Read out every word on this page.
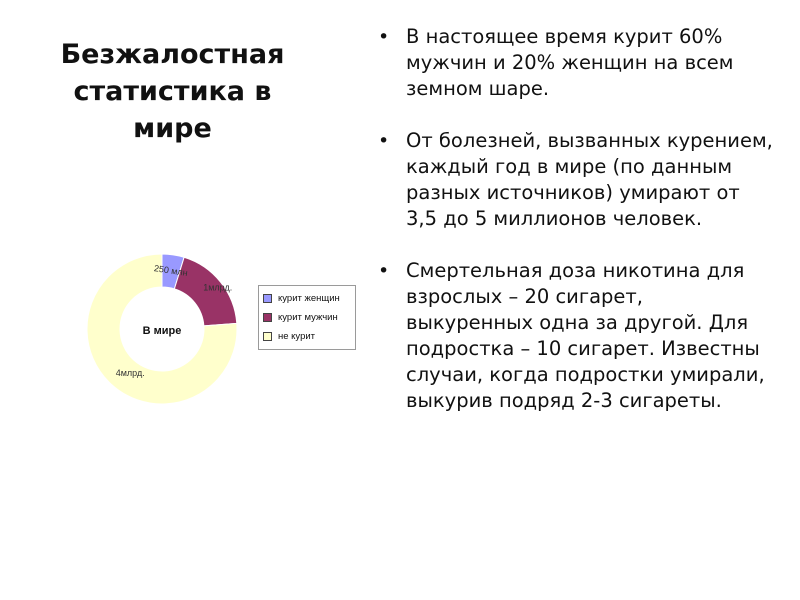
Безжалостная
статистика в
мире
• В настоящее время курит 60% мужчин и 20% женщин на всем земном шаре.
• От болезней, вызванных курением, каждый год в мире (по данным разных источников) умирают от 3,5 до 5 миллионов человек.
• Смертельная доза никотина для взрослых – 20 сигарет, выкуренных одна за другой. Для подростка – 10 сигарет. Известны случаи, когда подростки умирали, выкурив подряд 2-3 сигареты.
250 млн
1млрд.
4млрд.
В мире
курит женщин
курит мужчин
не курит
